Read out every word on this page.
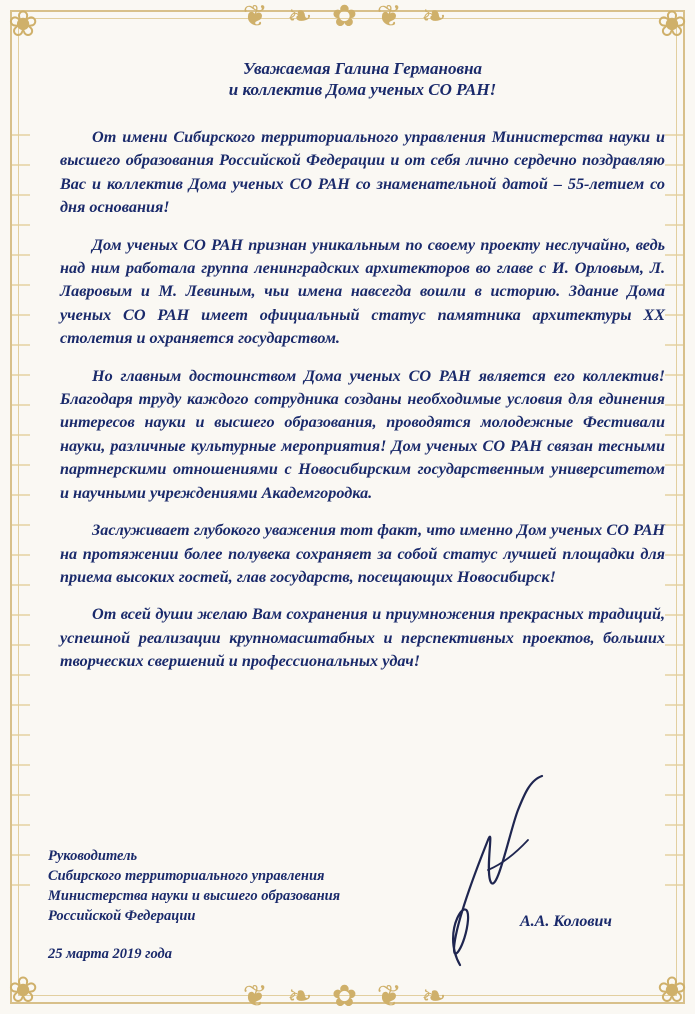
❦ ❧ ✿ ❦ ❧
❦ ❧ ✿ ❦ ❧
❀	❀
❀	❀
Уважаемая Галина Германовна
и коллектив Дома ученых СО РАН!

От имени Сибирского территориального управления Министерства науки и высшего образования Российской Федерации и от себя лично сердечно поздравляю Вас и коллектив Дома ученых СО РАН со знаменательной датой – 55-летием со дня основания!

Дом ученых СО РАН признан уникальным по своему проекту неслучайно, ведь над ним работала группа ленинградских архитекторов во главе с И. Орловым, Л. Лавровым и М. Левиным, чьи имена навсегда вошли в историю. Здание Дома ученых СО РАН имеет официальный статус памятника архитектуры XX столетия и охраняется государством.

Но главным достоинством Дома ученых СО РАН является его коллектив! Благодаря труду каждого сотрудника созданы необходимые условия для единения интересов науки и высшего образования, проводятся молодежные Фестивали науки, различные культурные мероприятия! Дом ученых СО РАН связан тесными партнерскими отношениями с Новосибирским государственным университетом и научными учреждениями Академгородка.

Заслуживает глубокого уважения тот факт, что именно Дом ученых СО РАН на протяжении более полувека сохраняет за собой статус лучшей площадки для приема высоких гостей, глав государств, посещающих Новосибирск!

От всей души желаю Вам сохранения и приумножения прекрасных традиций, успешной реализации крупномасштабных и перспективных проектов, больших творческих свершений и профессиональных удач!

Руководитель
Сибирского территориального управления
Министерства науки и высшего образования
Российской Федерации	А.А. Колович
25 марта 2019 года
